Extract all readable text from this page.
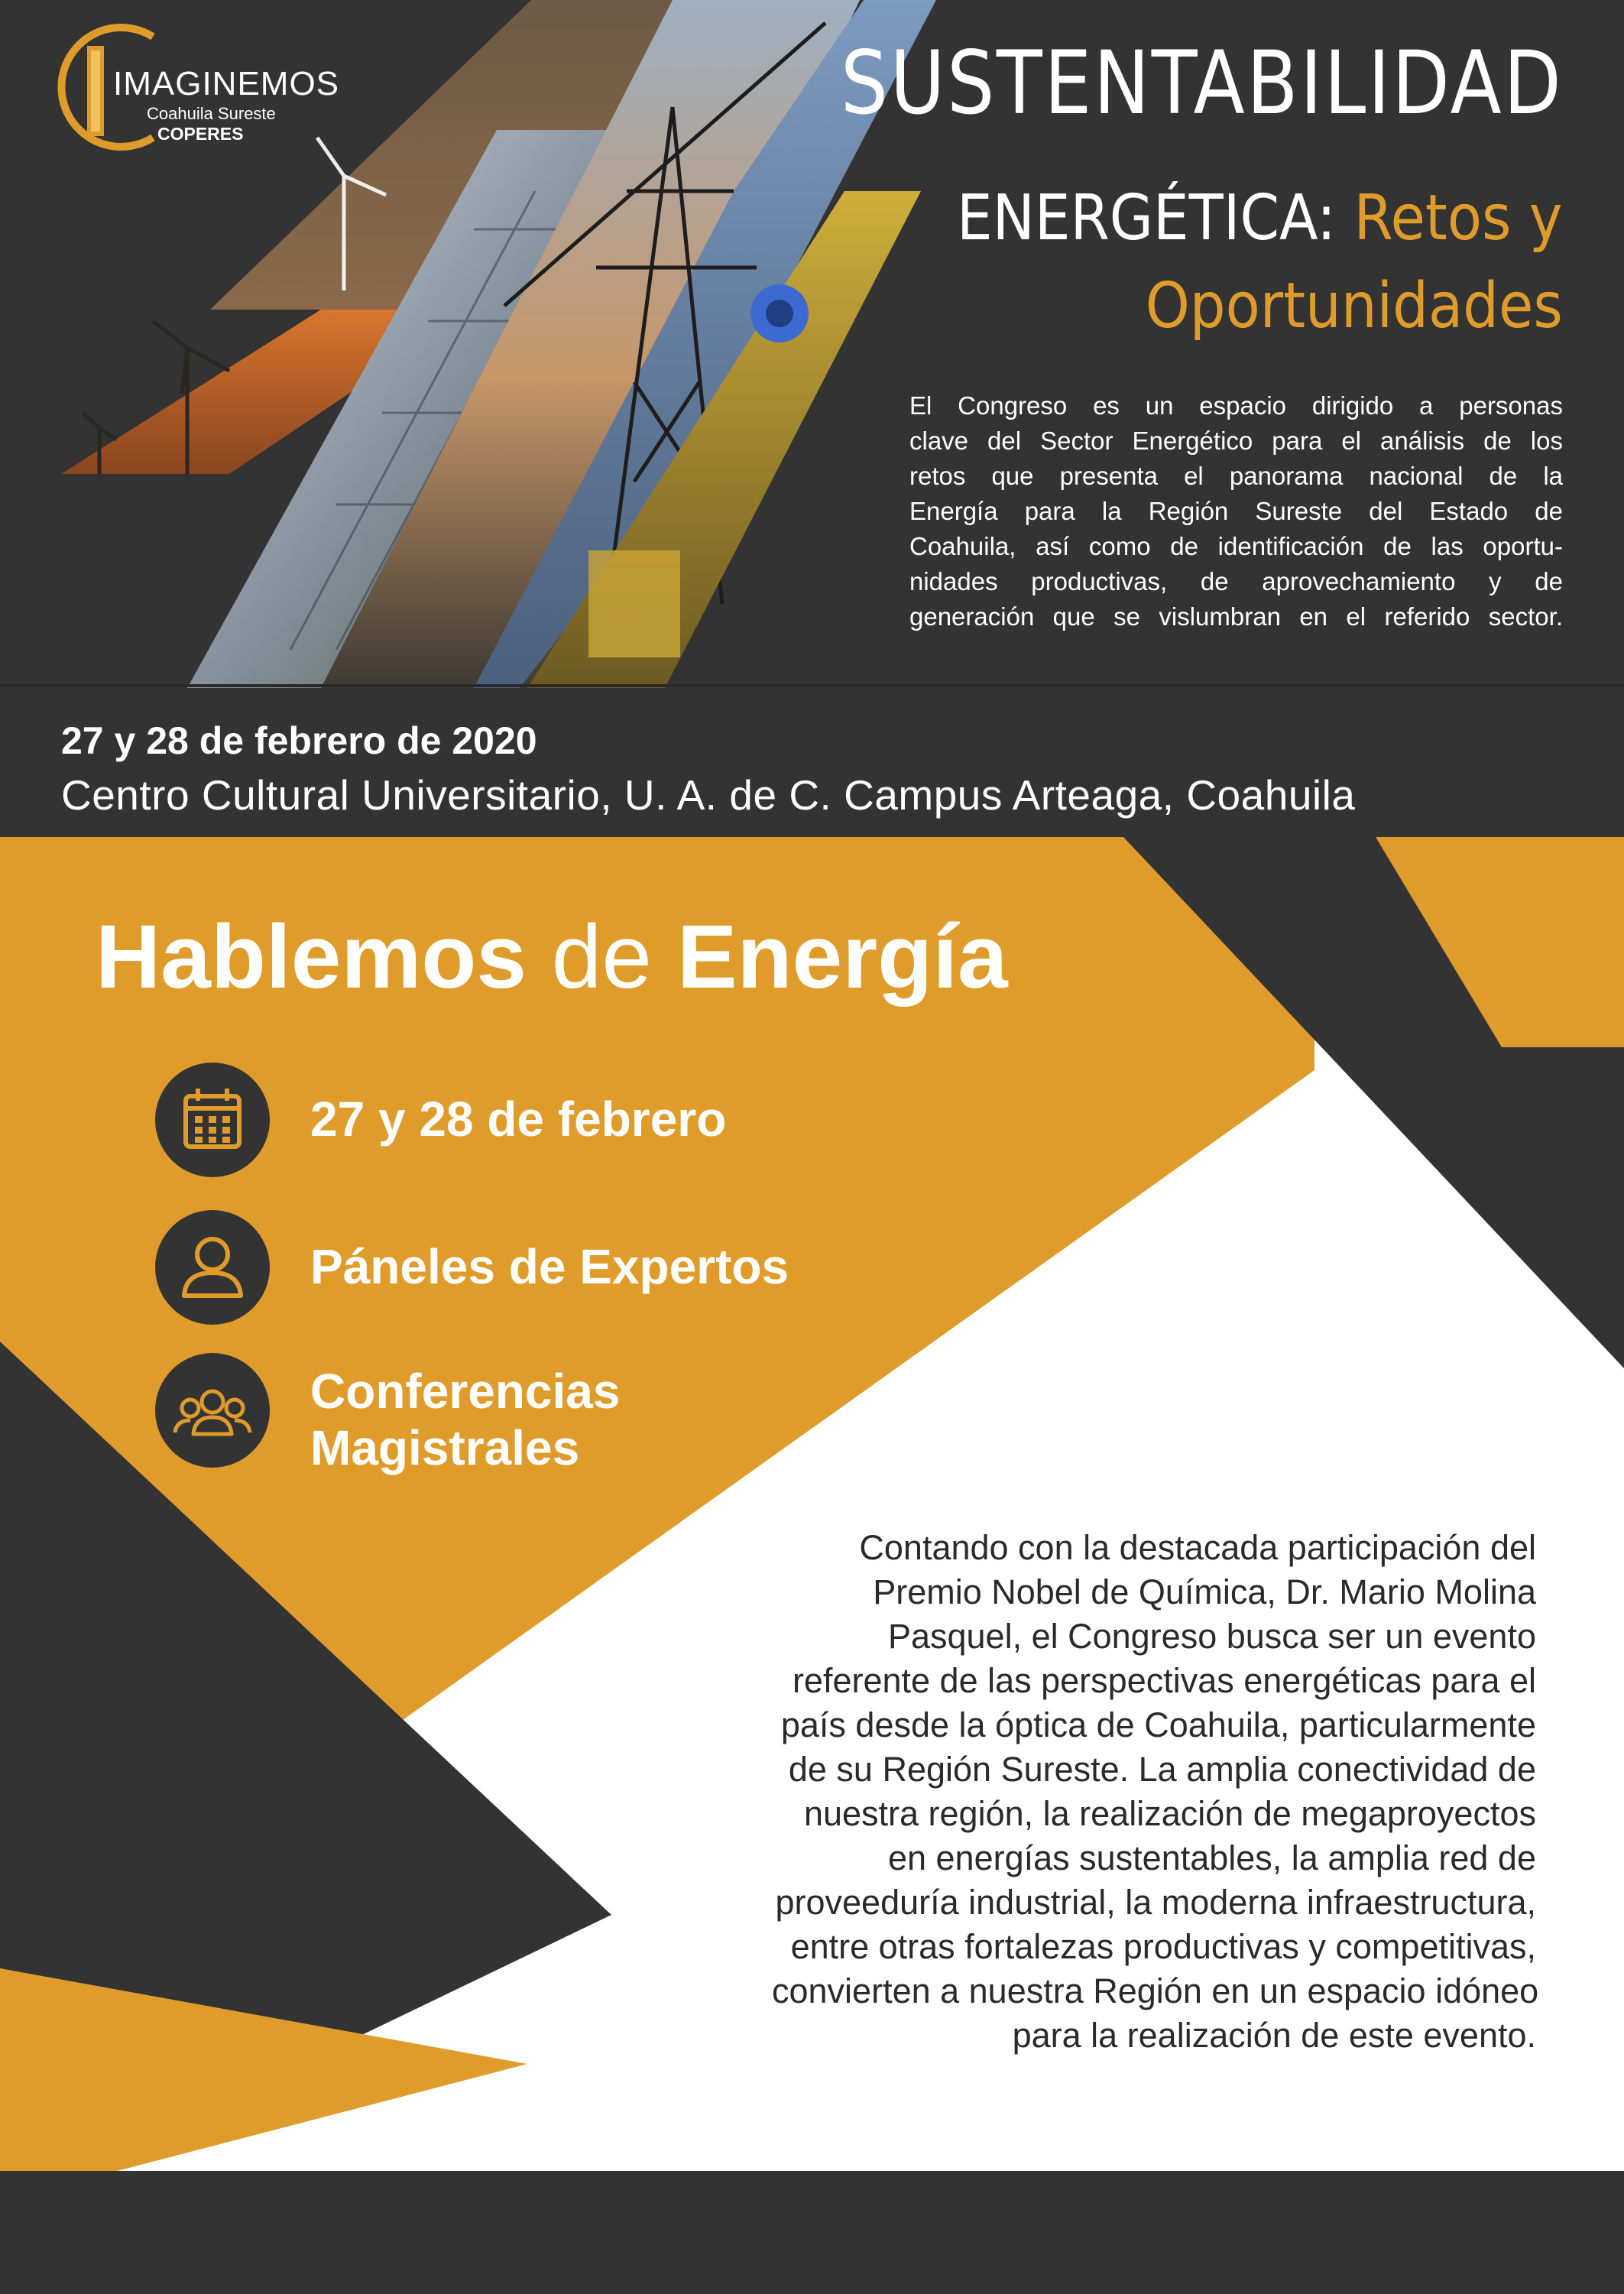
IMAGINEMOS
Coahuila Sureste
COPERES	SUSTENTABILIDAD
ENERGÉTICA: Retos y
Oportunidades
El Congreso es un espacio dirigido a personas
clave del Sector Energético para el análisis de los
retos que presenta el panorama nacional de la
Energía para la Región Sureste del Estado de
Coahuila, así como de identificación de las oportu-
nidades productivas, de aprovechamiento y de
generación que se vislumbran en el referido sector.
27 y 28 de febrero de 2020
Centro Cultural Universitario, U. A. de C. Campus Arteaga, Coahuila
Hablemos de Energía
27 y 28 de febrero
Páneles de Expertos
Conferencias
Magistrales
Contando con la destacada participación del
Premio Nobel de Química, Dr. Mario Molina
Pasquel, el Congreso busca ser un evento
referente de las perspectivas energéticas para el
país desde la óptica de Coahuila, particularmente
de su Región Sureste. La amplia conectividad de
nuestra región, la realización de megaproyectos
en energías sustentables, la amplia red de
proveeduría industrial, la moderna infraestructura,
entre otras fortalezas productivas y competitivas,
convierten a nuestra Región en un espacio idóneo
para la realización de este evento.
